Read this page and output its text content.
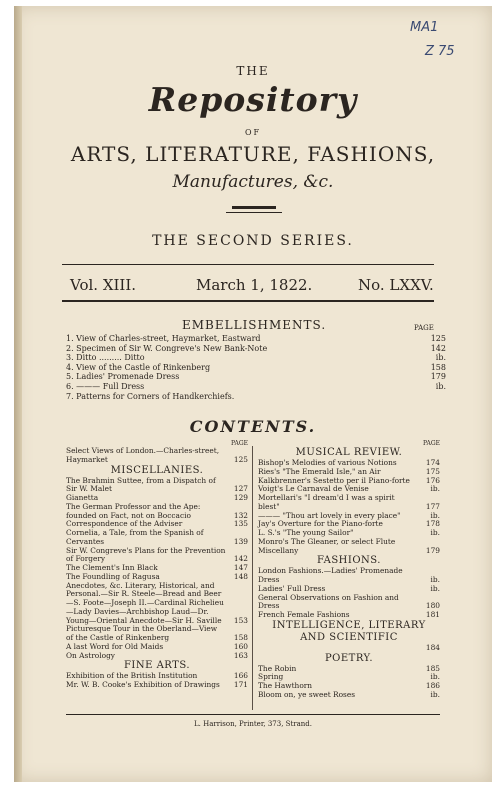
MA1
Z 75
THE
Repository
OF
ARTS, LITERATURE, FASHIONS,
Manufactures, &c.
THE SECOND SERIES.
Vol. XIII.	March 1, 1822.	No. LXXV.
EMBELLISHMENTS.	PAGE
1. View of Charles-street, Haymarket, Eastward	125
2. Specimen of Sir W. Congreve's New Bank-Note	142
3. Ditto ......... Ditto	ib.
4. View of the Castle of Rinkenberg	158
5. Ladies' Promenade Dress	179
6. ——— Full Dress	ib.
7. Patterns for Corners of Handkerchiefs.
CONTENTS.
PAGE
Select Views of London.—Charles-street, Haymarket	125
MISCELLANIES.
The Brahmin Suttee, from a Dispatch of Sir W. Malet	127
Gianetta	129
The German Professor and the Ape: founded on Fact, not on Boccacio	132
Correspondence of the Adviser	135
Cornelia, a Tale, from the Spanish of Cervantes	139
Sir W. Congreve's Plans for the Prevention of Forgery	142
The Clement's Inn Black	147
The Foundling of Ragusa	148
Anecdotes, &c. Literary, Historical, and Personal.—Sir R. Steele—Bread and Beer—S. Foote—Joseph II.—Cardinal Richelieu—Lady Davies—Archbishop Laud—Dr. Young—Oriental Anecdote—Sir H. Saville	153
Picturesque Tour in the Oberland—View of the Castle of Rinkenberg	158
A last Word for Old Maids	160
On Astrology	163
FINE ARTS.
Exhibition of the British Institution	166
Mr. W. B. Cooke's Exhibition of Drawings	171
PAGE
MUSICAL REVIEW.
Bishop's Melodies of various Notions	174
Ries's "The Emerald Isle," an Air	175
Kalkbrenner's Sestetto per il Piano-forte	176
Voigt's Le Carnaval de Venise	ib.
Mortellari's "I dream'd I was a spirit blest"	177
——— "Thou art lovely in every place"	ib.
Jay's Overture for the Piano-forte	178
L. S.'s "The young Sailor"	ib.
Monro's The Gleaner, or select Flute Miscellany	179
FASHIONS.
London Fashions.—Ladies' Promenade Dress	ib.
Ladies' Full Dress	ib.
General Observations on Fashion and Dress	180
French Female Fashions	181
INTELLIGENCE, LITERARY AND SCIENTIFIC
184
POETRY.
The Robin	185
Spring	ib.
The Hawthorn	186
Bloom on, ye sweet Roses	ib.
L. Harrison, Printer, 373, Strand.
